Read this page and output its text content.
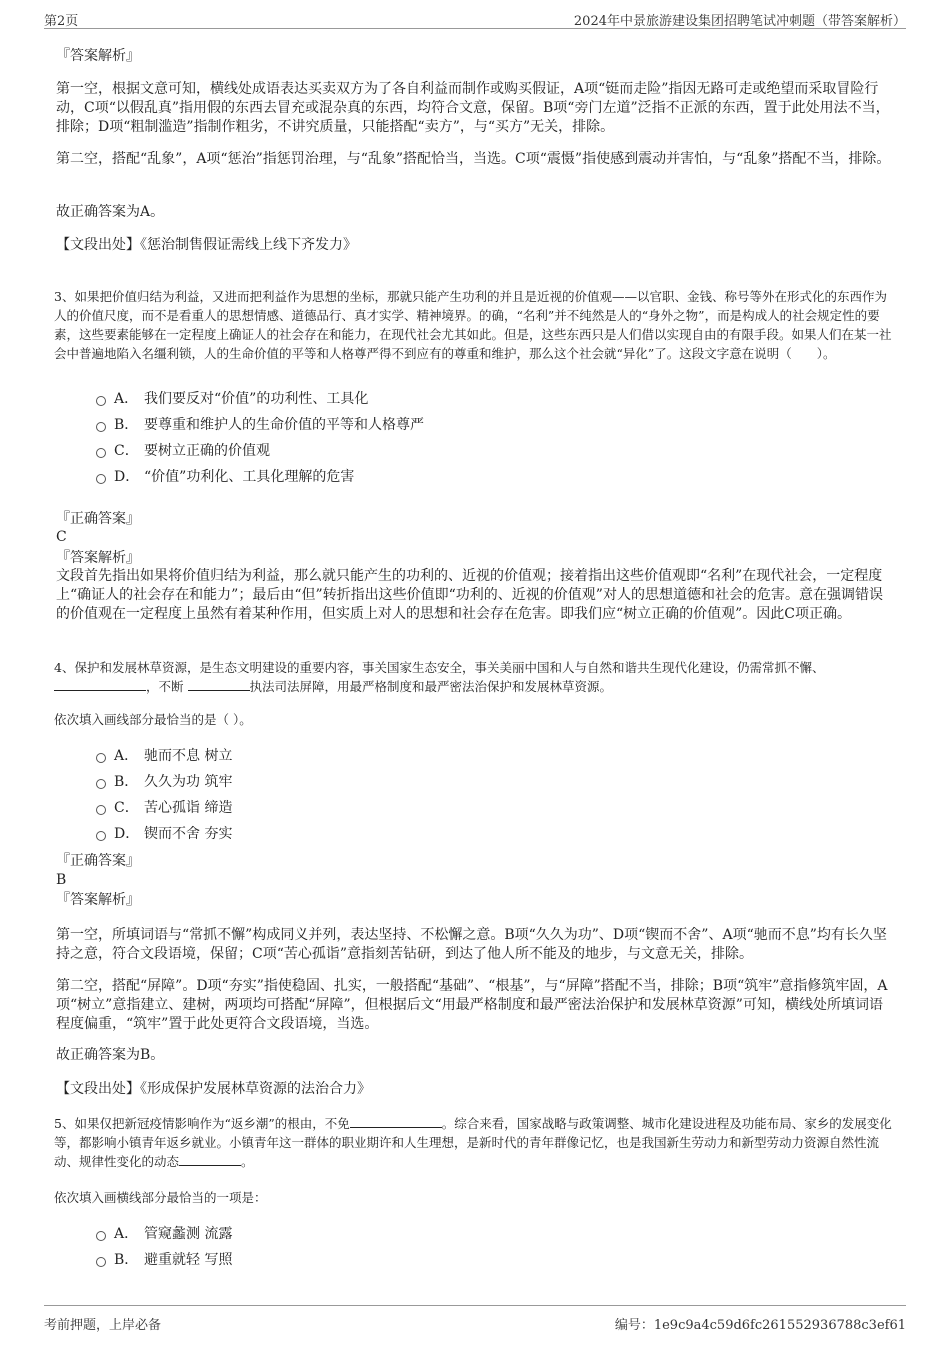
第2页	2024年中景旅游建设集团招聘笔试冲刺题（带答案解析）
『答案解析』
第一空，根据文意可知，横线处成语表达买卖双方为了各自利益而制作或购买假证，A项“铤而走险”指因无路可走或绝望而采取冒险行动，C项“以假乱真”指用假的东西去冒充或混杂真的东西，均符合文意，保留。B项“旁门左道”泛指不正派的东西，置于此处用法不当，排除；D项“粗制滥造”指制作粗劣，不讲究质量，只能搭配“卖方”，与“买方”无关，排除。
第二空，搭配“乱象”，A项“惩治”指惩罚治理，与“乱象”搭配恰当，当选。C项“震慑”指使感到震动并害怕，与“乱象”搭配不当，排除。
故正确答案为A。
【文段出处】《惩治制售假证需线上线下齐发力》
3、如果把价值归结为利益，又进而把利益作为思想的坐标，那就只能产生功利的并且是近视的价值观——以官职、金钱、称号等外在形式化的东西作为人的价值尺度，而不是看重人的思想情感、道德品行、真才实学、精神境界。的确，“名利”并不纯然是人的“身外之物”，而是构成人的社会规定性的要素，这些要素能够在一定程度上确证人的社会存在和能力，在现代社会尤其如此。但是，这些东西只是人们借以实现自由的有限手段。如果人们在某一社会中普遍地陷入名缰利锁，人的生命价值的平等和人格尊严得不到应有的尊重和维护，那么这个社会就“异化”了。这段文字意在说明（　　）。
A． 我们要反对“价值”的功利性、工具化
B． 要尊重和维护人的生命价值的平等和人格尊严
C． 要树立正确的价值观
D． “价值”功利化、工具化理解的危害
『正确答案』
C
『答案解析』
文段首先指出如果将价值归结为利益，那么就只能产生的功利的、近视的价值观；接着指出这些价值观即“名利”在现代社会，一定程度上“确证人的社会存在和能力”；最后由“但”转折指出这些价值即“功利的、近视的价值观”对人的思想道德和社会的危害。意在强调错误的价值观在一定程度上虽然有着某种作用，但实质上对人的思想和社会存在危害。即我们应“树立正确的价值观”。因此C项正确。
4、保护和发展林草资源，是生态文明建设的重要内容，事关国家生态安全，事关美丽中国和人与自然和谐共生现代化建设，仍需常抓不懈、
，不断	执法司法屏障，用最严格制度和最严密法治保护和发展林草资源。
依次填入画线部分最恰当的是（ ）。
A． 驰而不息 树立
B． 久久为功 筑牢
C． 苦心孤诣 缔造
D． 锲而不舍 夯实
『正确答案』
B
『答案解析』
第一空，所填词语与“常抓不懈”构成同义并列，表达坚持、不松懈之意。B项“久久为功”、D项“锲而不舍”、A项“驰而不息”均有长久坚持之意，符合文段语境，保留；C项“苦心孤诣”意指刻苦钻研，到达了他人所不能及的地步，与文意无关，排除。
第二空，搭配“屏障”。D项“夯实”指使稳固、扎实，一般搭配“基础”、“根基”，与“屏障”搭配不当，排除；B项“筑牢”意指修筑牢固，A项“树立”意指建立、建树，两项均可搭配“屏障”，但根据后文“用最严格制度和最严密法治保护和发展林草资源”可知，横线处所填词语程度偏重，“筑牢”置于此处更符合文段语境，当选。
故正确答案为B。
【文段出处】《形成保护发展林草资源的法治合力》
5、如果仅把新冠疫情影响作为“返乡潮”的根由，不免	。综合来看，国家战略与政策调整、城市化建设进程及功能布局、家乡的发展变化等，都影响小镇青年返乡就业。小镇青年这一群体的职业期许和人生理想，是新时代的青年群像记忆，也是我国新生劳动力和新型劳动力资源自然性流动、规律性变化的动态	。
依次填入画横线部分最恰当的一项是：
A． 管窥蠡测 流露
B． 避重就轻 写照
考前押题，上岸必备	编号：1e9c9a4c59d6fc261552936788c3ef61
